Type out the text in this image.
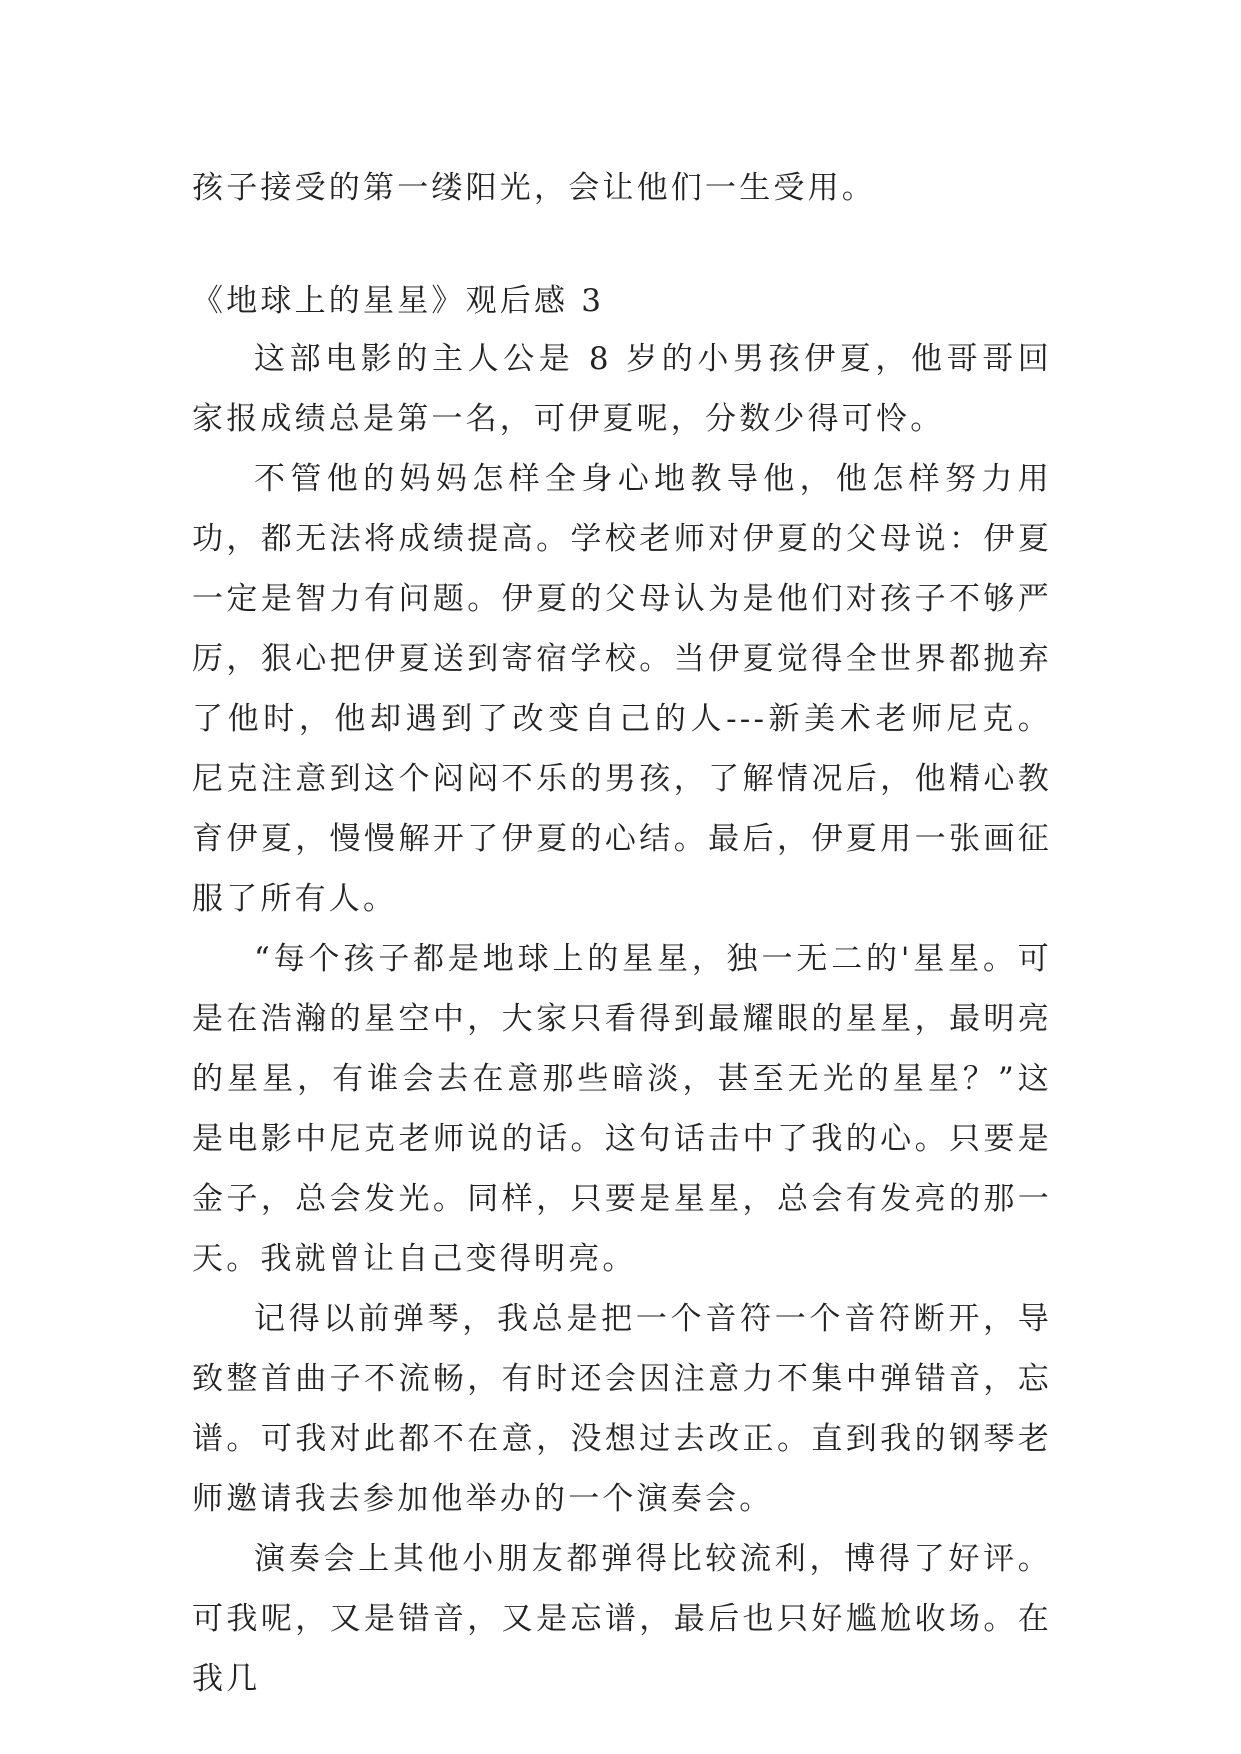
孩子接受的第一缕阳光，会让他们一生受用。

《地球上的星星》观后感 3

这部电影的主人公是 8 岁的小男孩伊夏，他哥哥回家报成绩总是第一名，可伊夏呢，分数少得可怜。

不管他的妈妈怎样全身心地教导他，他怎样努力用功，都无法将成绩提高。学校老师对伊夏的父母说：伊夏一定是智力有问题。伊夏的父母认为是他们对孩子不够严厉，狠心把伊夏送到寄宿学校。当伊夏觉得全世界都抛弃了他时，他却遇到了改变自己的人---新美术老师尼克。尼克注意到这个闷闷不乐的男孩，了解情况后，他精心教育伊夏，慢慢解开了伊夏的心结。最后，伊夏用一张画征服了所有人。

“每个孩子都是地球上的星星，独一无二的'星星。可是在浩瀚的星空中，大家只看得到最耀眼的星星，最明亮的星星，有谁会去在意那些暗淡，甚至无光的星星？”这是电影中尼克老师说的话。这句话击中了我的心。只要是金子，总会发光。同样，只要是星星，总会有发亮的那一天。我就曾让自己变得明亮。

记得以前弹琴，我总是把一个音符一个音符断开，导致整首曲子不流畅，有时还会因注意力不集中弹错音，忘谱。可我对此都不在意，没想过去改正。直到我的钢琴老师邀请我去参加他举办的一个演奏会。

演奏会上其他小朋友都弹得比较流利，博得了好评。可我呢，又是错音，又是忘谱，最后也只好尴尬收场。在我几
